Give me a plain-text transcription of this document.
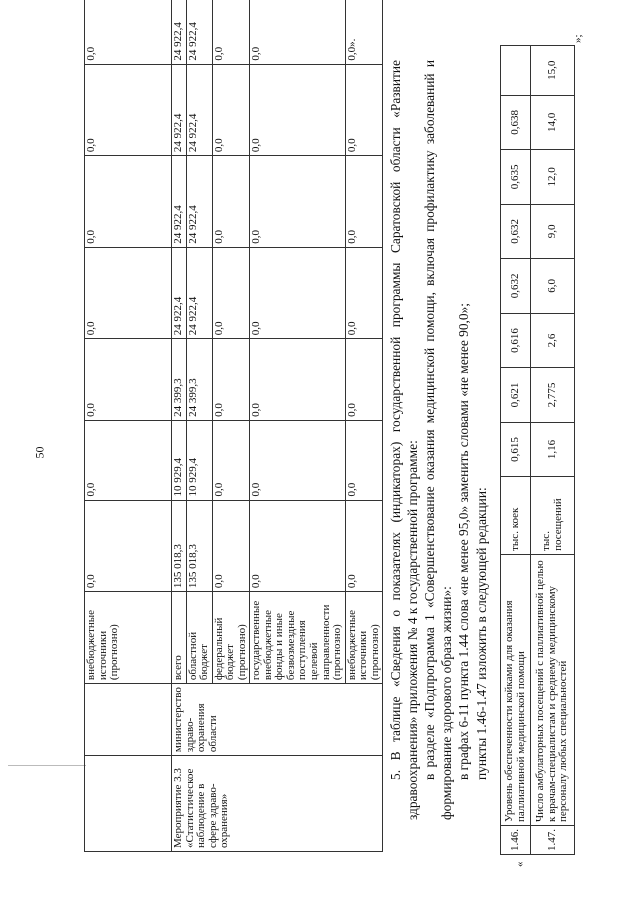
50
		внебюджетные источники (прогнозно)	0,0	0,0	0,0	0,0	0,0	0,0	0,0
Мероприятие 3.3 «Статистическое наблюдение в сфере здраво-охранения»	министерство здраво-охранения области	всего	135 018,3	10 929,4	24 399,3	24 922,4	24 922,4	24 922,4	24 922,4
		областной бюджет	135 018,3	10 929,4	24 399,3	24 922,4	24 922,4	24 922,4	24 922,4
		федеральный бюджет (прогнозно)	0,0	0,0	0,0	0,0	0,0	0,0	0,0
		государственные внебюджетные фонды и иные безвозмездные поступления целевой направленности (прогнозно)	0,0	0,0	0,0	0,0	0,0	0,0	0,0
		внебюджетные источники (прогнозно)	0,0	0,0	0,0	0,0	0,0	0,0	0,0».
5. В таблице «Сведения о показателях (индикаторах) государственной программы Саратовской области «Развитие здравоохранения» приложения № 4 к государственной программе: в разделе «Подпрограмма 1 «Совершенствование оказания медицинской помощи, включая профилактику заболеваний и формирование здорового образа жизни»: в графах 6-11 пункта 1.44 слова «не менее 95,0» заменить словами «не менее 90,0»; пункты 1.46-1.47 изложить в следующей редакции:
«
1.46.	Уровень обеспеченности койками для оказания паллиативной медицинской помощи	тыс. коек	0,615	0,621	0,616	0,632	0,632	0,635	0,638	
1.47.	Число амбулаторных посещений с паллиативной целью к врачам-специалистам и среднему медицинскому персоналу любых специальностей	тыс. посещений	1,16	2,775	2,6	6,0	9,0	12,0	14,0	15,0
»;
